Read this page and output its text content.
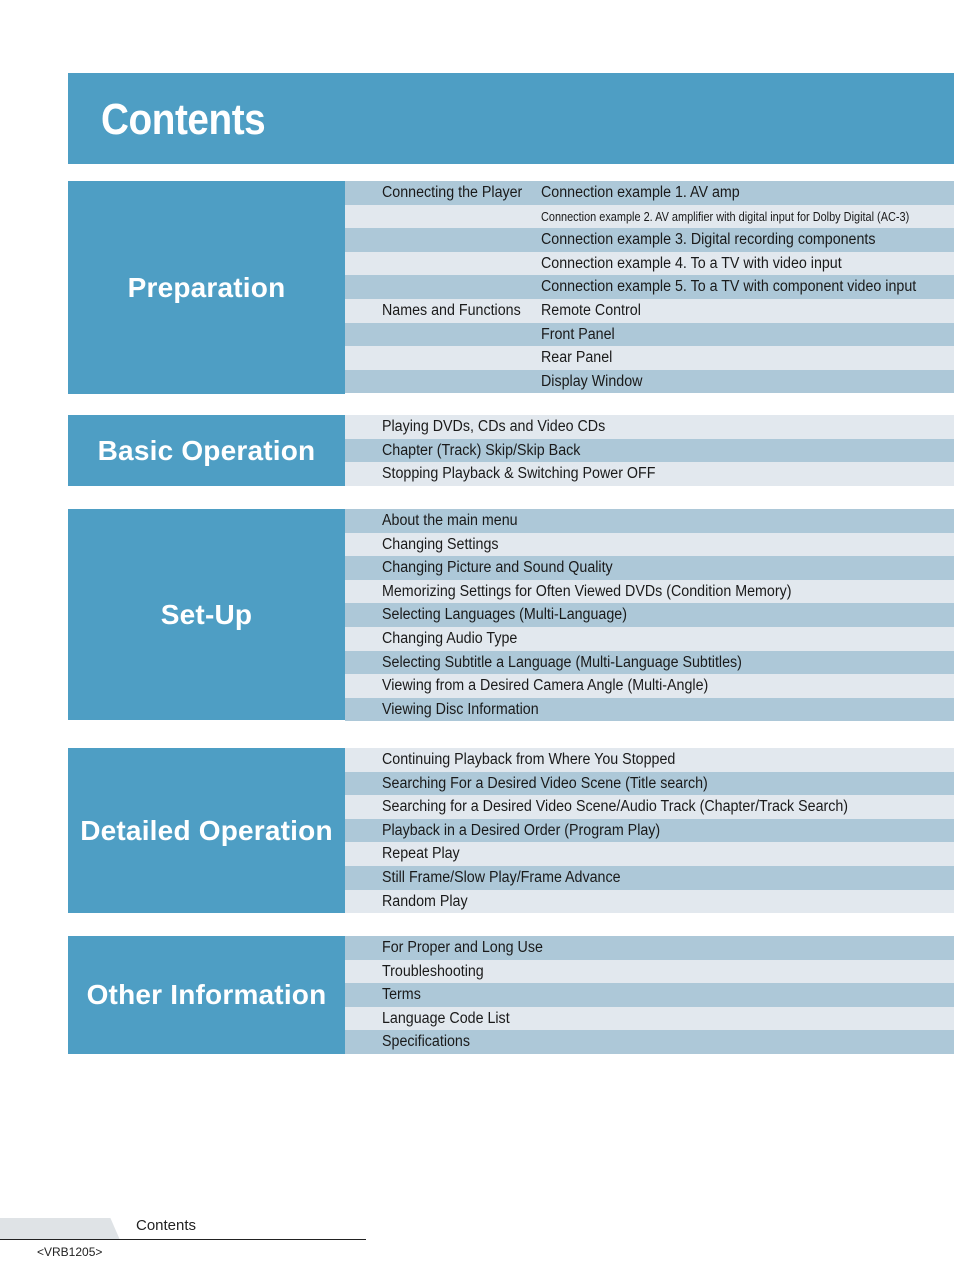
Contents
Preparation
Connecting the Player Connection example 1. AV amp
Connection example 2. AV amplifier with digital input for Dolby Digital (AC-3)
Connection example 3. Digital recording components
Connection example 4. To a TV with video input
Connection example 5. To a TV with component video input
Names and Functions Remote Control
Front Panel
Rear Panel
Display Window
Basic Operation
Playing DVDs, CDs and Video CDs
Chapter (Track) Skip/Skip Back
Stopping Playback & Switching Power OFF
Set-Up
About the main menu
Changing Settings
Changing Picture and Sound Quality
Memorizing Settings for Often Viewed DVDs (Condition Memory)
Selecting Languages (Multi-Language)
Changing Audio Type
Selecting Subtitle a Language (Multi-Language Subtitles)
Viewing from a Desired Camera Angle (Multi-Angle)
Viewing Disc Information
Detailed Operation
Continuing Playback from Where You Stopped
Searching For a Desired Video Scene (Title search)
Searching for a Desired Video Scene/Audio Track (Chapter/Track Search)
Playback in a Desired Order (Program Play)
Repeat Play
Still Frame/Slow Play/Frame Advance
Random Play
Other Information
For Proper and Long Use
Troubleshooting
Terms
Language Code List
Specifications
Contents
<VRB1205>
